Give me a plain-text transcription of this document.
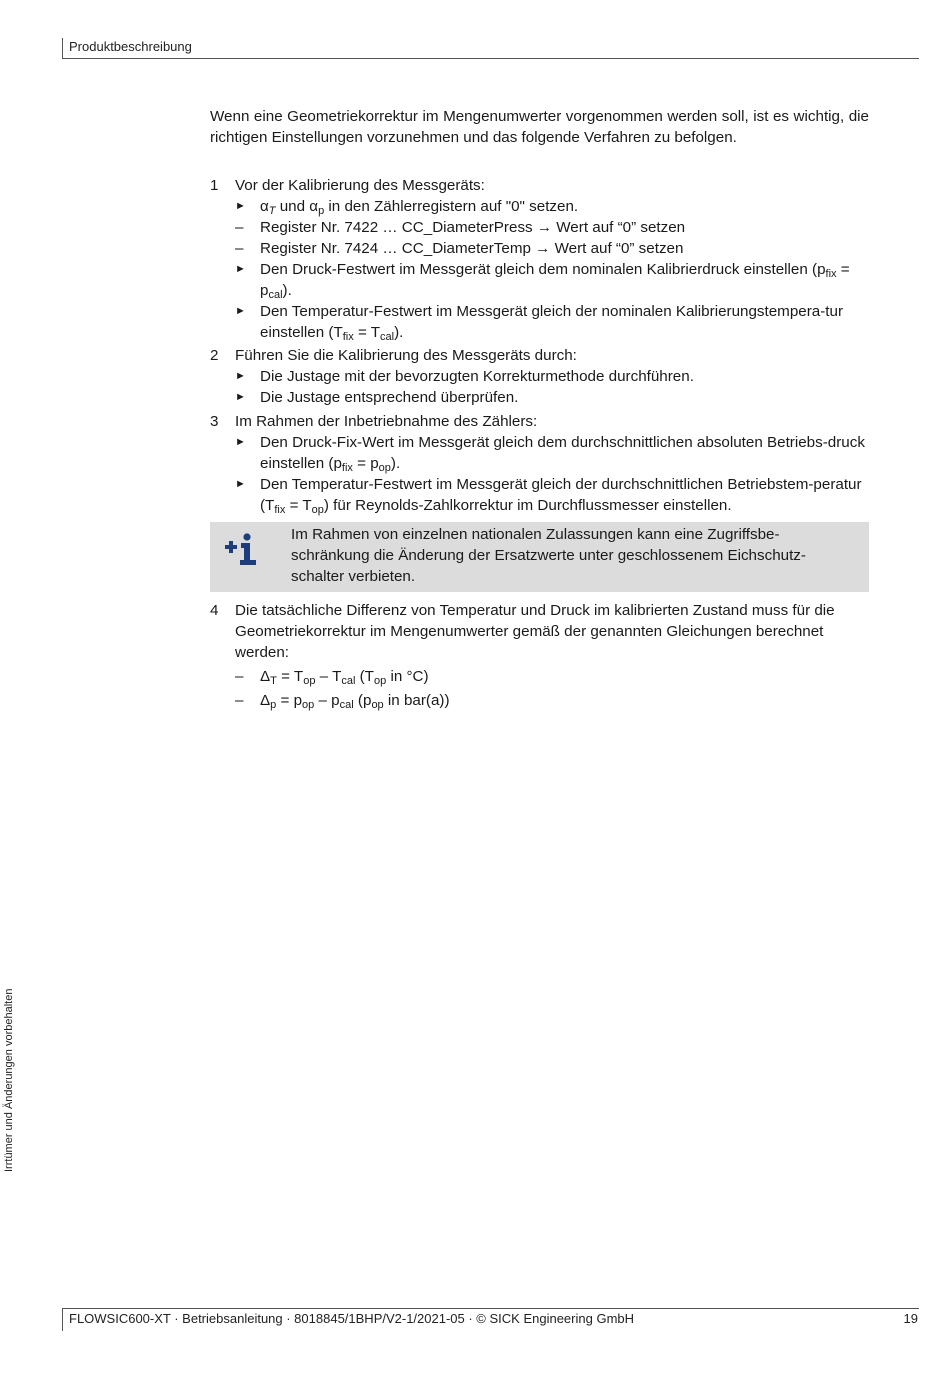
Produktbeschreibung

Wenn eine Geometriekorrektur im Mengenumwerter vorgenommen werden soll, ist es wichtig, die richtigen Einstellungen vorzunehmen und das folgende Verfahren zu befolgen.

1 Vor der Kalibrierung des Messgeräts:
► $\alpha_T$ und $\alpha_p$ in den Zählerregistern auf "0" setzen.
–	Register Nr. 7422 … CC_DiameterPress → Wert auf “0” setzen
–	Register Nr. 7424 … CC_DiameterTemp → Wert auf “0” setzen
► Den Druck-Festwert im Messgerät gleich dem nominalen Kalibrierdruck einstellen $(p_{fix} = p_{cal})$.
► Den Temperatur-Festwert im Messgerät gleich der nominalen Kalibrierungstempera-tur einstellen $(T_{fix} = T_{cal})$.
2 Führen Sie die Kalibrierung des Messgeräts durch:
► Die Justage mit der bevorzugten Korrekturmethode durchführen.
► Die Justage entsprechend überprüfen.
3 Im Rahmen der Inbetriebnahme des Zählers:
► Den Druck-Fix-Wert im Messgerät gleich dem durchschnittlichen absoluten Betriebs-druck einstellen $(p_{fix} = p_{op})$.
► Den Temperatur-Festwert im Messgerät gleich der durchschnittlichen Betriebstem-peratur $(T_{fix} = T_{op})$ für Reynolds-Zahlkorrektur im Durchflussmesser einstellen.
Im Rahmen von einzelnen nationalen Zulassungen kann eine Zugriffsbe-schränkung die Änderung der Ersatzwerte unter geschlossenem Eichschutz-schalter verbieten.
4 Die tatsächliche Differenz von Temperatur und Druck im kalibrierten Zustand muss für die Geometriekorrektur im Mengenumwerter gemäß der genannten Gleichungen berechnet werden:
–	$\Delta_T = T_{op} - T_{cal}$ ($T_{op}$ in °C)
–	$\Delta_p = p_{op} - p_{cal}$ ($p_{op}$ in bar(a))
Irrtümer und Änderungen vorbehalten
FLOWSIC600-XT · Betriebsanleitung · 8018845/1BHP/V2-1/2021-05 · © SICK Engineering GmbH	19
